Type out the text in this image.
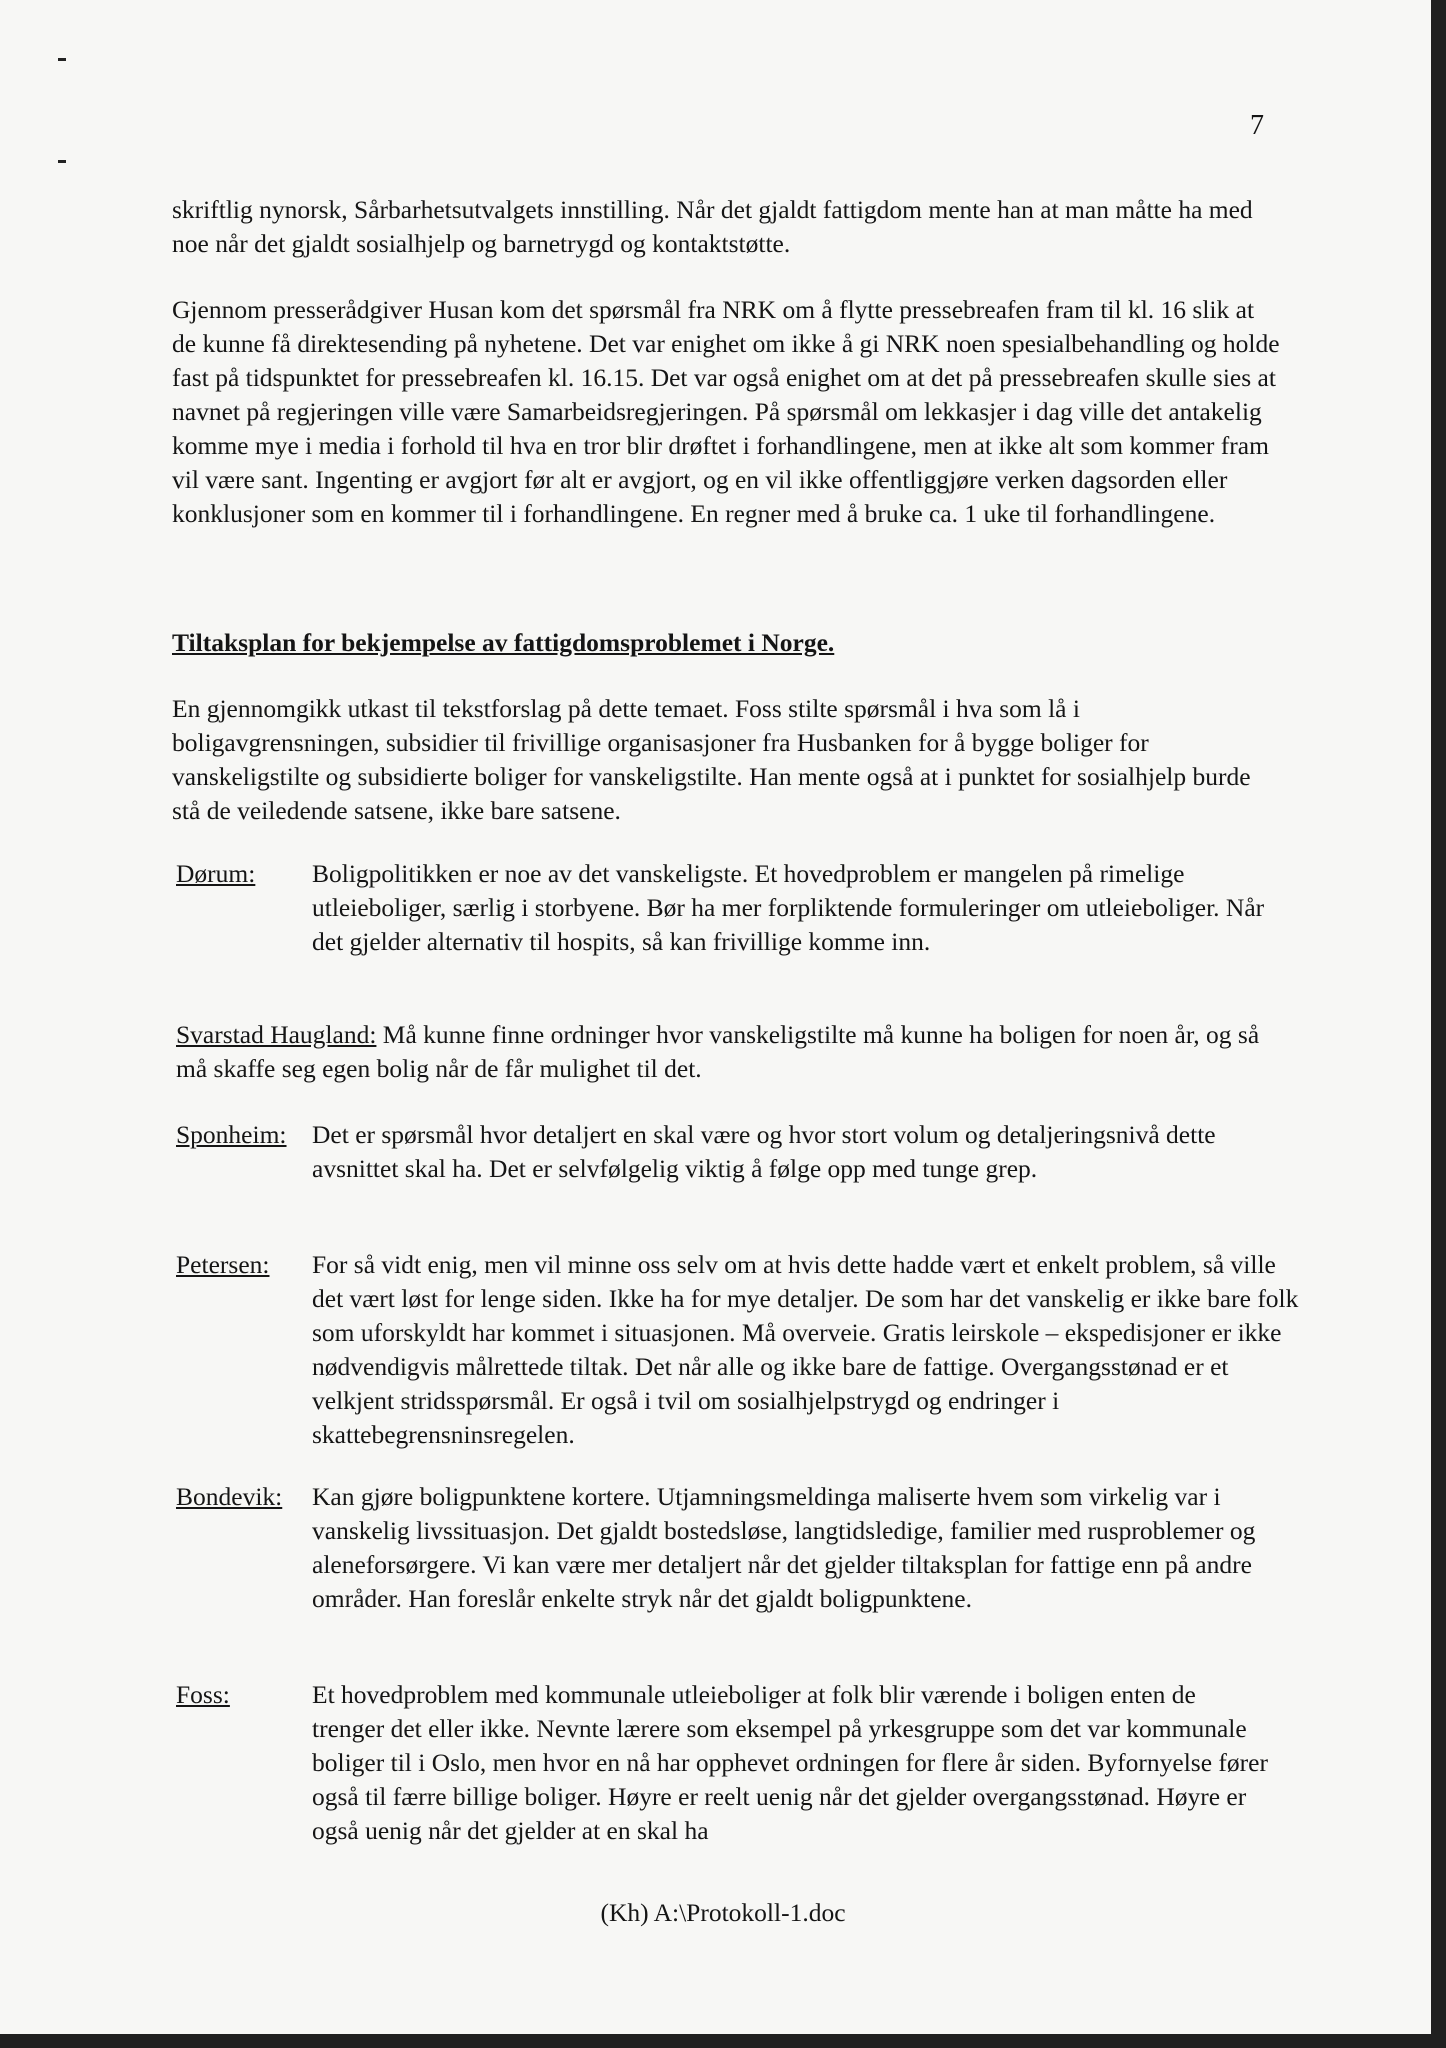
7

skriftlig nynorsk, Sårbarhetsutvalgets innstilling. Når det gjaldt fattigdom mente han at man måtte ha med noe når det gjaldt sosialhjelp og barnetrygd og kontaktstøtte.

Gjennom presserådgiver Husan kom det spørsmål fra NRK om å flytte pressebreafen fram til kl. 16 slik at de kunne få direktesending på nyhetene. Det var enighet om ikke å gi NRK noen spesialbehandling og holde fast på tidspunktet for pressebreafen kl. 16.15. Det var også enighet om at det på pressebreafen skulle sies at navnet på regjeringen ville være Samarbeidsregjeringen. På spørsmål om lekkasjer i dag ville det antakelig komme mye i media i forhold til hva en tror blir drøftet i forhandlingene, men at ikke alt som kommer fram vil være sant. Ingenting er avgjort før alt er avgjort, og en vil ikke offentliggjøre verken dagsorden eller konklusjoner som en kommer til i forhandlingene. En regner med å bruke ca. 1 uke til forhandlingene.

Tiltaksplan for bekjempelse av fattigdomsproblemet i Norge.

En gjennomgikk utkast til tekstforslag på dette temaet. Foss stilte spørsmål i hva som lå i boligavgrensningen, subsidier til frivillige organisasjoner fra Husbanken for å bygge boliger for vanskeligstilte og subsidierte boliger for vanskeligstilte. Han mente også at i punktet for sosialhjelp burde stå de veiledende satsene, ikke bare satsene.

Dørum: Boligpolitikken er noe av det vanskeligste. Et hovedproblem er mangelen på rimelige utleieboliger, særlig i storbyene. Bør ha mer forpliktende formuleringer om utleieboliger. Når det gjelder alternativ til hospits, så kan frivillige komme inn.

Svarstad Haugland: Må kunne finne ordninger hvor vanskeligstilte må kunne ha boligen for noen år, og så må skaffe seg egen bolig når de får mulighet til det.

Sponheim: Det er spørsmål hvor detaljert en skal være og hvor stort volum og detaljeringsnivå dette avsnittet skal ha. Det er selvfølgelig viktig å følge opp med tunge grep.

Petersen: For så vidt enig, men vil minne oss selv om at hvis dette hadde vært et enkelt problem, så ville det vært løst for lenge siden. Ikke ha for mye detaljer. De som har det vanskelig er ikke bare folk som uforskyldt har kommet i situasjonen. Må overveie. Gratis leirskole – ekspedisjoner er ikke nødvendigvis målrettede tiltak. Det når alle og ikke bare de fattige. Overgangsstønad er et velkjent stridsspørsmål. Er også i tvil om sosialhjelpstrygd og endringer i skattebegrensninsregelen.

Bondevik: Kan gjøre boligpunktene kortere. Utjamningsmeldinga maliserte hvem som virkelig var i vanskelig livssituasjon. Det gjaldt bostedsløse, langtidsledige, familier med rusproblemer og aleneforsørgere. Vi kan være mer detaljert når det gjelder tiltaksplan for fattige enn på andre områder. Han foreslår enkelte stryk når det gjaldt boligpunktene.

Foss:	Et hovedproblem med kommunale utleieboliger at folk blir værende i boligen enten de trenger det eller ikke. Nevnte lærere som eksempel på yrkesgruppe som det var kommunale boliger til i Oslo, men hvor en nå har opphevet ordningen for flere år siden. Byfornyelse fører også til færre billige boliger. Høyre er reelt uenig når det gjelder overgangsstønad. Høyre er også uenig når det gjelder at en skal ha

(Kh) A:\Protokoll-1.doc
